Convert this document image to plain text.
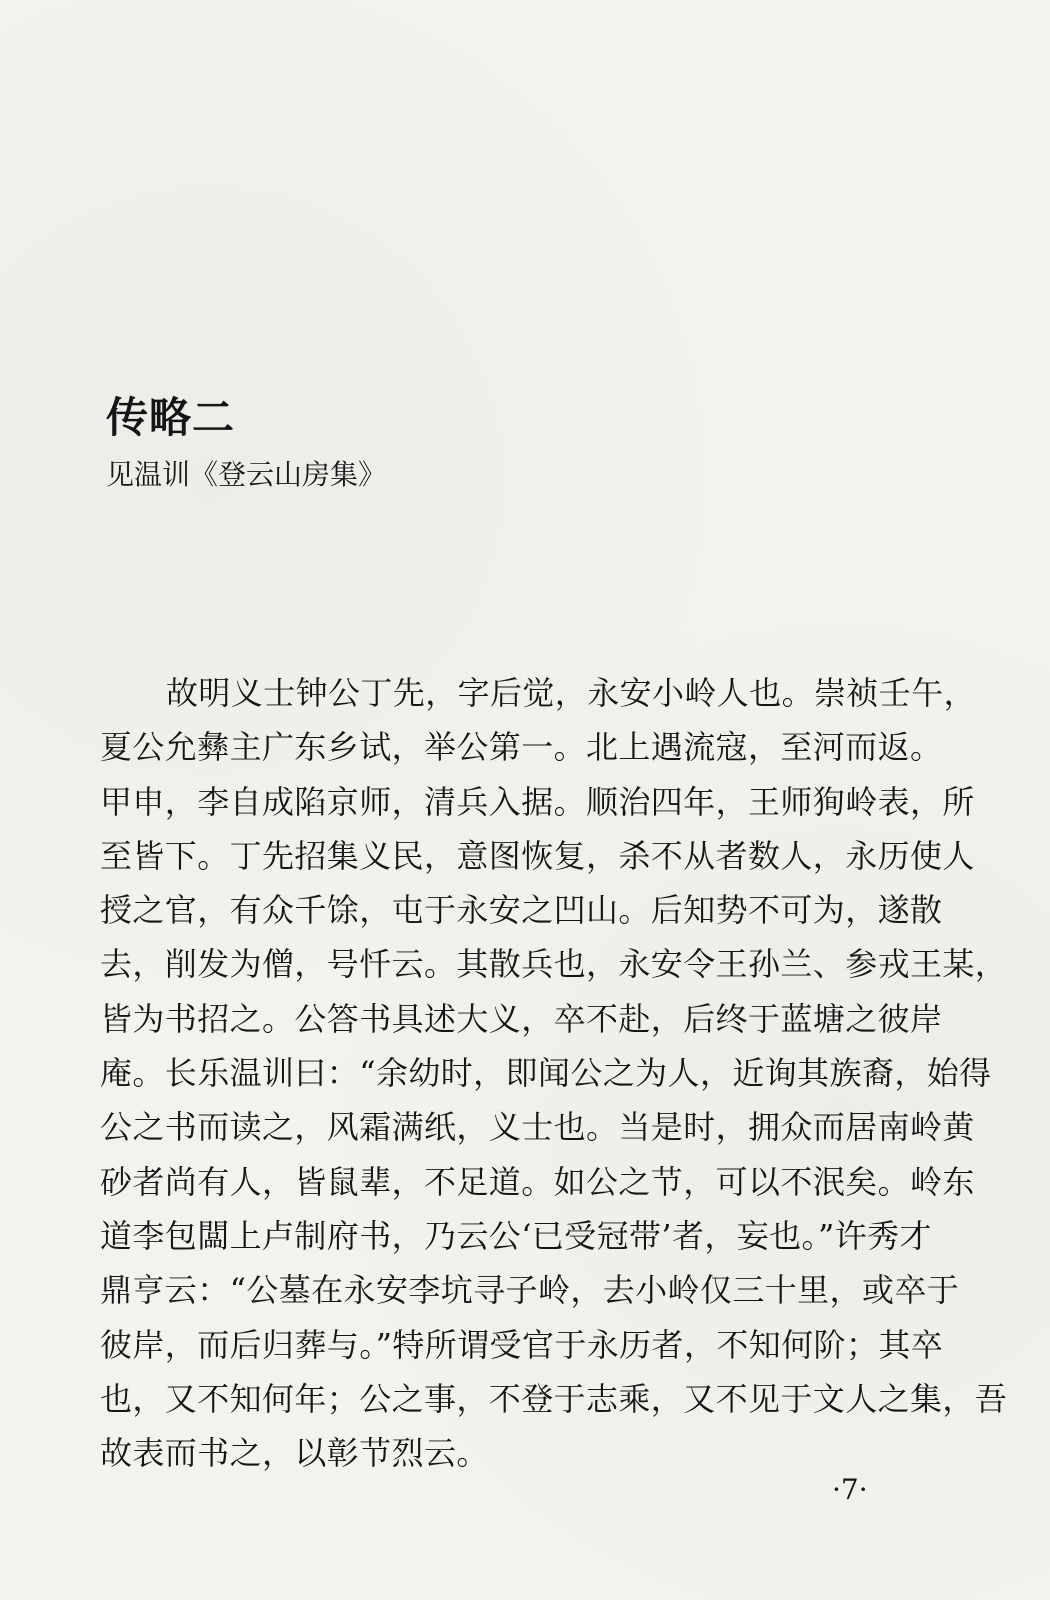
传略二
见温训《登云山房集》
故明义士钟公丁先，字后觉，永安小岭人也。崇祯壬午，
夏公允彝主广东乡试，举公第一。北上遇流寇，至河而返。
甲申，李自成陷京师，清兵入据。顺治四年，王师狥岭表，所
至皆下。丁先招集义民，意图恢复，杀不从者数人，永历使人
授之官，有众千馀，屯于永安之凹山。后知势不可为，遂散
去，削发为僧，号忏云。其散兵也，永安令王孙兰、参戎王某，
皆为书招之。公答书具述大义，卒不赴，后终于蓝塘之彼岸
庵。长乐温训曰：“余幼时，即闻公之为人，近询其族裔，始得
公之书而读之，风霜满纸，义士也。当是时，拥众而居南岭黄
砂者尚有人，皆鼠辈，不足道。如公之节，可以不泯矣。岭东
道李包闆上卢制府书，乃云公‘已受冠带’者，妄也。”许秀才
鼎亨云：“公墓在永安李坑寻子岭，去小岭仅三十里，或卒于
彼岸，而后归葬与。”特所谓受官于永历者，不知何阶；其卒
也，又不知何年；公之事，不登于志乘，又不见于文人之集，吾
故表而书之，以彰节烈云。
·7·
